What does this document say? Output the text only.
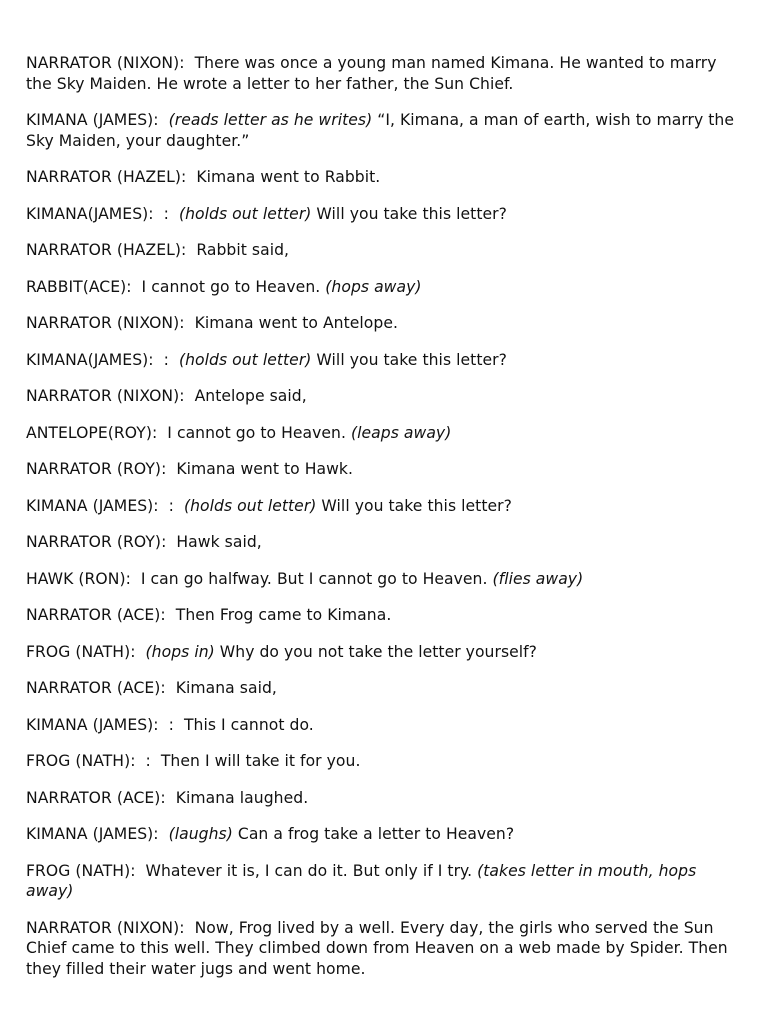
NARRATOR (NIXON):  There was once a young man named Kimana. He wanted to marry the Sky Maiden. He wrote a letter to her father, the Sun Chief.

KIMANA (JAMES): (reads letter as he writes) “I, Kimana, a man of earth, wish to marry the Sky Maiden, your daughter.”

NARRATOR (HAZEL):  Kimana went to Rabbit.

KIMANA(JAMES):  :  (holds out letter) Will you take this letter?

NARRATOR (HAZEL):  Rabbit said,

RABBIT(ACE):  I cannot go to Heaven. (hops away)

NARRATOR (NIXON):  Kimana went to Antelope.

KIMANA(JAMES):  :  (holds out letter) Will you take this letter?

NARRATOR (NIXON):  Antelope said,

ANTELOPE(ROY):  I cannot go to Heaven. (leaps away)

NARRATOR (ROY):  Kimana went to Hawk.

KIMANA (JAMES):  :  (holds out letter) Will you take this letter?

NARRATOR (ROY):  Hawk said,

HAWK (RON):  I can go halfway. But I cannot go to Heaven. (flies away)

NARRATOR (ACE):  Then Frog came to Kimana.

FROG (NATH): (hops in) Why do you not take the letter yourself?

NARRATOR (ACE):  Kimana said,

KIMANA (JAMES):  :  This I cannot do.

FROG (NATH):  :  Then I will take it for you.

NARRATOR (ACE):  Kimana laughed.

KIMANA (JAMES): (laughs) Can a frog take a letter to Heaven?

FROG (NATH):  Whatever it is, I can do it. But only if I try. (takes letter in mouth, hops away)

NARRATOR (NIXON):  Now, Frog lived by a well. Every day, the girls who served the Sun Chief came to this well. They climbed down from Heaven on a web made by Spider. Then they filled their water jugs and went home.
